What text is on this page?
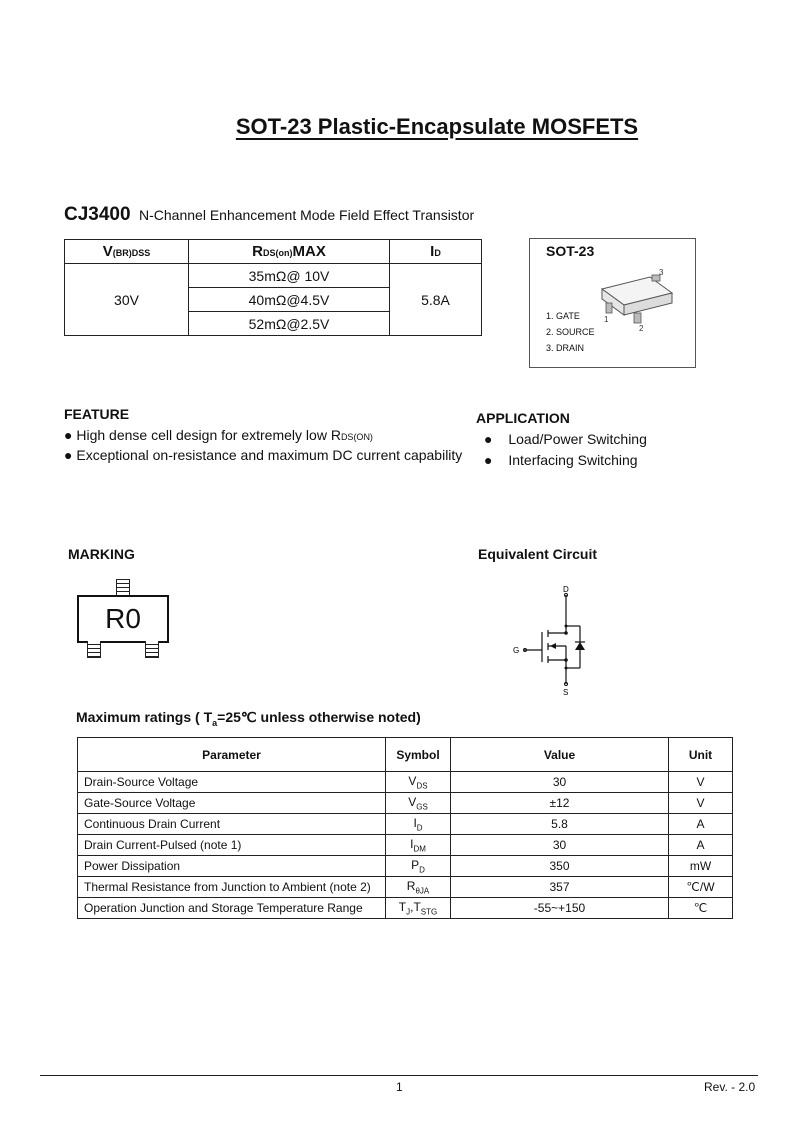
SOT-23 Plastic-Encapsulate MOSFETS
CJ3400 N-Channel Enhancement Mode Field Effect Transistor
V(BR)DSS	RDS(on)MAX	ID
30V	35mΩ@ 10V	5.8A
	40mΩ@4.5V	
	52mΩ@2.5V	
SOT-23
3
1
2
1. GATE
2. SOURCE
3. DRAIN
FEATURE
● High dense cell design for extremely low RDS(ON)
● Exceptional on-resistance and maximum DC current capability
APPLICATION
● Load/Power Switching
● Interfacing Switching
MARKING
R0
Equivalent Circuit
D
G
S
Maximum ratings ( $T_a=25℃$ unless otherwise noted)
Parameter	Symbol	Value	Unit
Drain-Source Voltage	$V_{DS}$	30	V
Gate-Source Voltage	$V_{GS}$	±12	V
Continuous Drain Current	$I_D$	5.8	A
Drain Current-Pulsed (note 1)	$I_{DM}$	30	A
Power Dissipation	$P_D$	350	mW
Thermal Resistance from Junction to Ambient (note 2)	$R_{\theta JA}$	357	℃/W
Operation Junction and Storage Temperature Range	$T_J,T_{STG}$	-55~+150	℃
1	Rev. - 2.0
